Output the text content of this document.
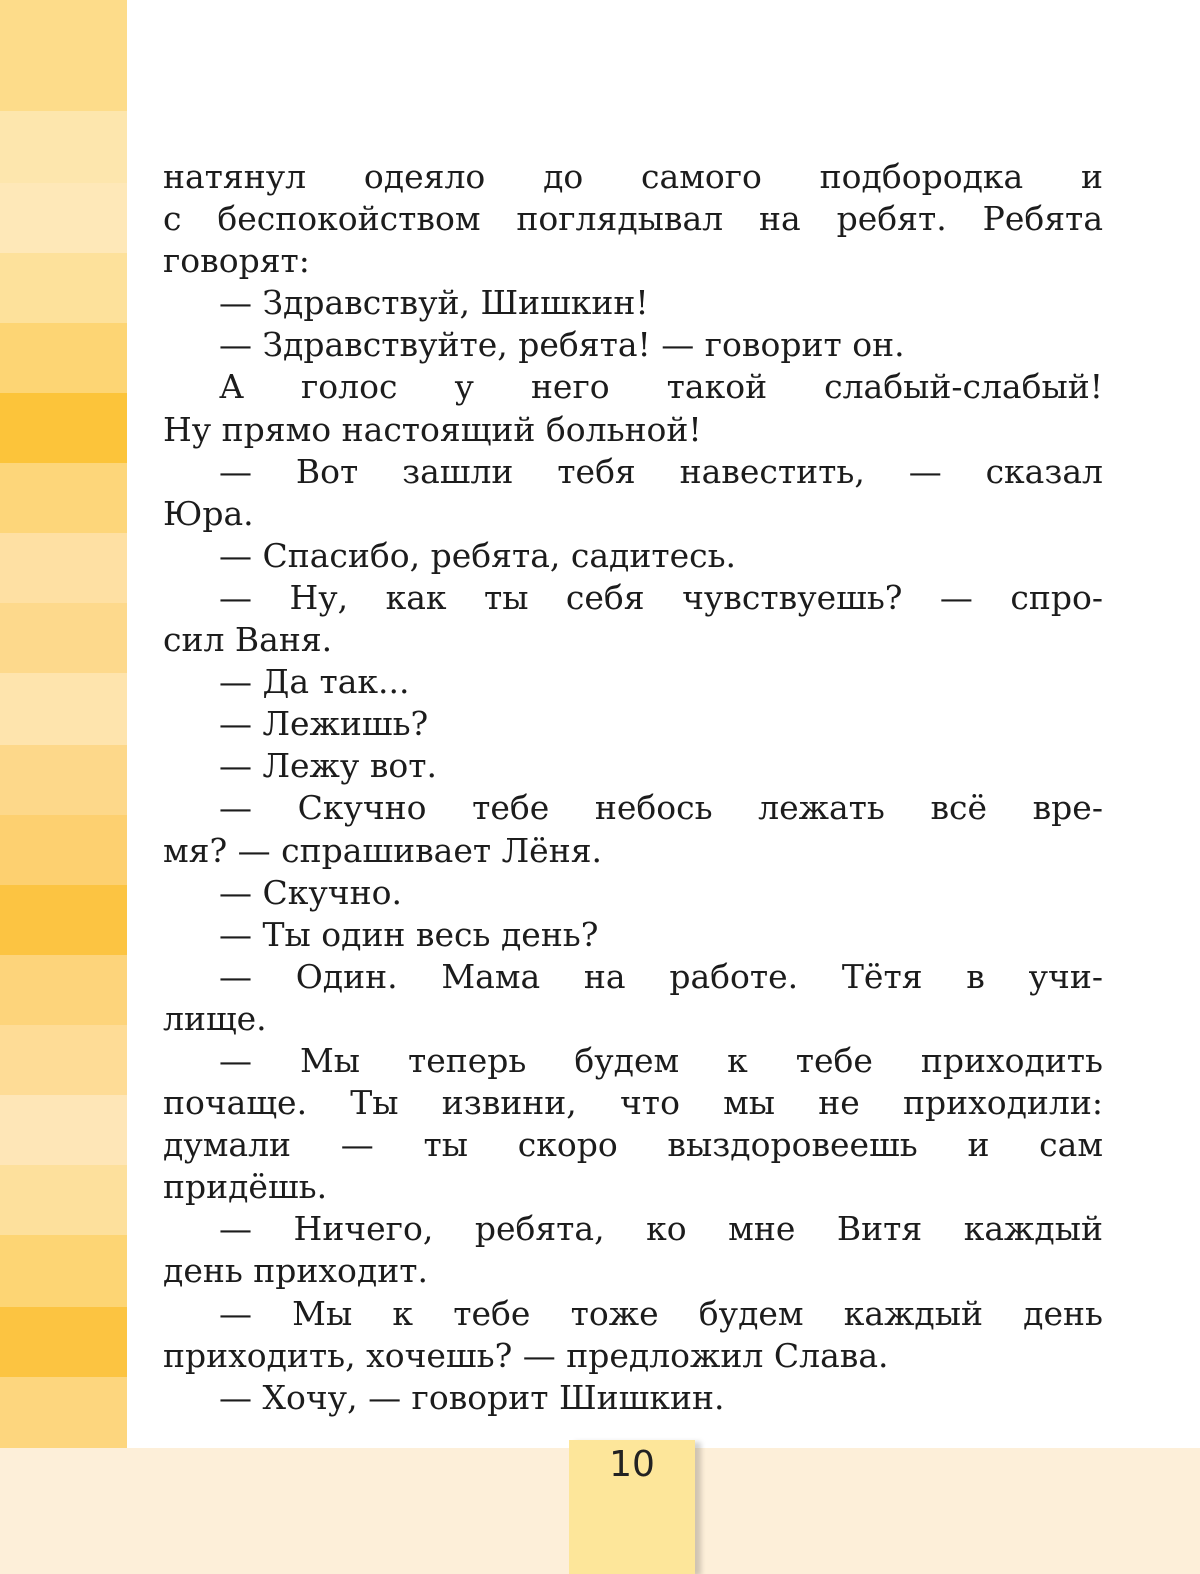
натянул одеяло до самого подбородка и
с беспокойством поглядывал на ребят. Ребята
говорят:
— Здравствуй, Шишкин!
— Здравствуйте, ребята! — говорит он.
А голос у него такой слабый-слабый!
Ну прямо настоящий больной!
— Вот зашли тебя навестить, — сказал
Юра.
— Спасибо, ребята, садитесь.
— Ну, как ты себя чувствуешь? — спро-
сил Ваня.
— Да так...
— Лежишь?
— Лежу вот.
— Скучно тебе небось лежать всё вре-
мя? — спрашивает Лёня.
— Скучно.
— Ты один весь день?
— Один. Мама на работе. Тётя в учи-
лище.
— Мы теперь будем к тебе приходить
почаще. Ты извини, что мы не приходили:
думали — ты скоро выздоровеешь и сам
придёшь.
— Ничего, ребята, ко мне Витя каждый
день приходит.
— Мы к тебе тоже будем каждый день
приходить, хочешь? — предложил Слава.
— Хочу, — говорит Шишкин.
10
